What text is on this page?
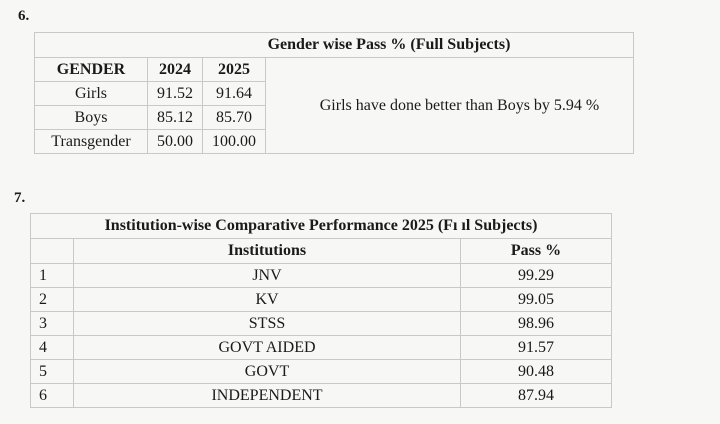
6.
Gender wise Pass % (Full Subjects)			
GENDER	2024	2025	Girls have done better than Boys by 5.94 %
Girls	91.52	91.64	
Boys	85.12	85.70	
Transgender	50.00	100.00	
7.
Institution-wise Comparative Performance 2025 (Fı ıl Subjects)		
	Institutions	Pass %
1	JNV	99.29
2	KV	99.05
3	STSS	98.96
4	GOVT AIDED	91.57
5	GOVT	90.48
6	INDEPENDENT	87.94
